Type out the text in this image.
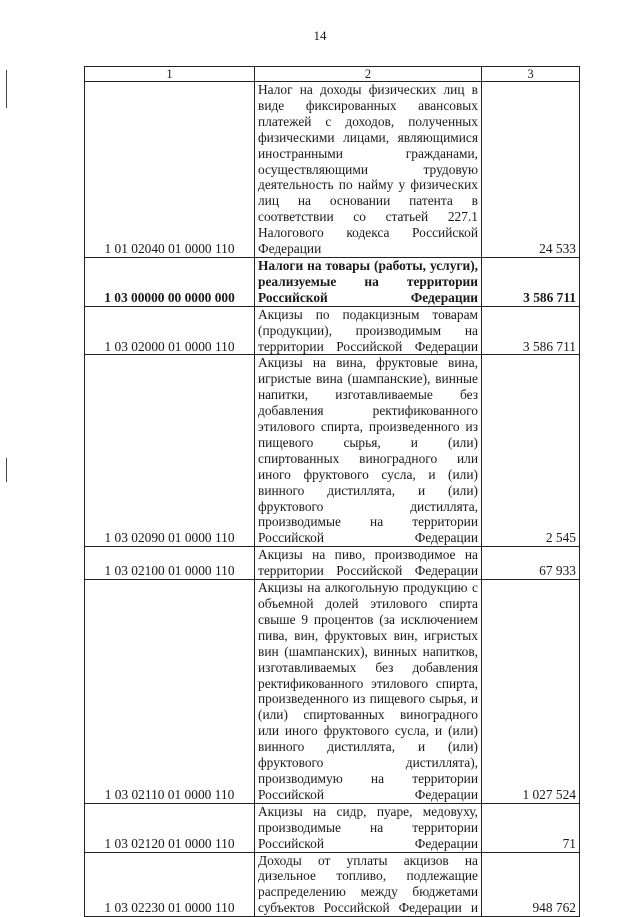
14
1	2	3
1 01 02040 01 0000 110	Налог на доходы физических лиц в виде фиксированных авансовых платежей с доходов, полученных физическими лицами, являющимися иностранными гражданами, осуществляющими трудовую деятельность по найму у физических лиц на основании патента в соответствии со статьей 227.1 Налогового кодекса Российской Федерации	24 533
1 03 00000 00 0000 000	Налоги на товары (работы, услуги), реализуемые на территории Российской Федерации	3 586 711
1 03 02000 01 0000 110	Акцизы по подакцизным товарам (продукции), производимым на территории Российской Федерации	3 586 711
1 03 02090 01 0000 110	Акцизы на вина, фруктовые вина, игристые вина (шампанские), винные напитки, изготавливаемые без добавления ректификованного этилового спирта, произведенного из пищевого сырья, и (или) спиртованных виноградного или иного фруктового сусла, и (или) винного дистиллята, и (или) фруктового дистиллята, производимые на территории Российской Федерации	2 545
1 03 02100 01 0000 110	Акцизы на пиво, производимое на территории Российской Федерации	67 933
1 03 02110 01 0000 110	Акцизы на алкогольную продукцию с объемной долей этилового спирта свыше 9 процентов (за исключением пива, вин, фруктовых вин, игристых вин (шампанских), винных напитков, изготавливаемых без добавления ректификованного этилового спирта, произведенного из пищевого сырья, и (или) спиртованных виноградного или иного фруктового сусла, и (или) винного дистиллята, и (или) фруктового дистиллята), производимую на территории Российской Федерации	1 027 524
1 03 02120 01 0000 110	Акцизы на сидр, пуаре, медовуху, производимые на территории Российской Федерации	71
1 03 02230 01 0000 110	Доходы от уплаты акцизов на дизельное топливо, подлежащие распределению между бюджетами субъектов Российской Федерации и	948 762
